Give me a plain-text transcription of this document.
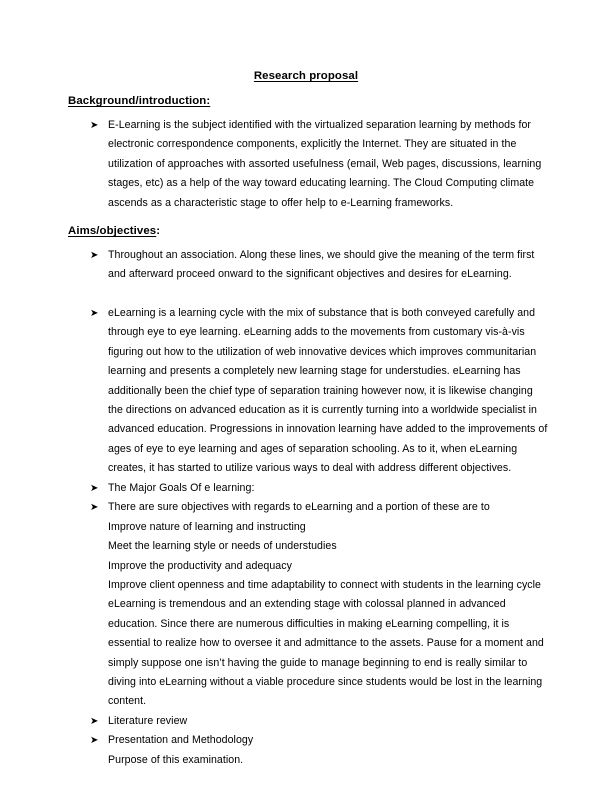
Research proposal
Background/introduction:
➤ E-Learning is the subject identified with the virtualized separation learning by methods for electronic correspondence components, explicitly the Internet. They are situated in the utilization of approaches with assorted usefulness (email, Web pages, discussions, learning stages, etc) as a help of the way toward educating learning. The Cloud Computing climate ascends as a characteristic stage to offer help to e-Learning frameworks.
Aims/objectives:
➤ Throughout an association. Along these lines, we should give the meaning of the term first and afterward proceed onward to the significant objectives and desires for eLearning.
➤ eLearning is a learning cycle with the mix of substance that is both conveyed carefully and through eye to eye learning. eLearning adds to the movements from customary vis-à-vis figuring out how to the utilization of web innovative devices which improves communitarian learning and presents a completely new learning stage for understudies. eLearning has additionally been the chief type of separation training however now, it is likewise changing the directions on advanced education as it is currently turning into a worldwide specialist in advanced education. Progressions in innovation learning have added to the improvements of ages of eye to eye learning and ages of separation schooling. As to it, when eLearning creates, it has started to utilize various ways to deal with address different objectives.
➤ The Major Goals Of e learning:
➤ There are sure objectives with regards to eLearning and a portion of these are to
Improve nature of learning and instructing
Meet the learning style or needs of understudies
Improve the productivity and adequacy
Improve client openness and time adaptability to connect with students in the learning cycle eLearning is tremendous and an extending stage with colossal planned in advanced education. Since there are numerous difficulties in making eLearning compelling, it is essential to realize how to oversee it and admittance to the assets. Pause for a moment and simply suppose one isn’t having the guide to manage beginning to end is really similar to diving into eLearning without a viable procedure since students would be lost in the learning content.
➤ Literature review
➤ Presentation and Methodology
Purpose of this examination.
